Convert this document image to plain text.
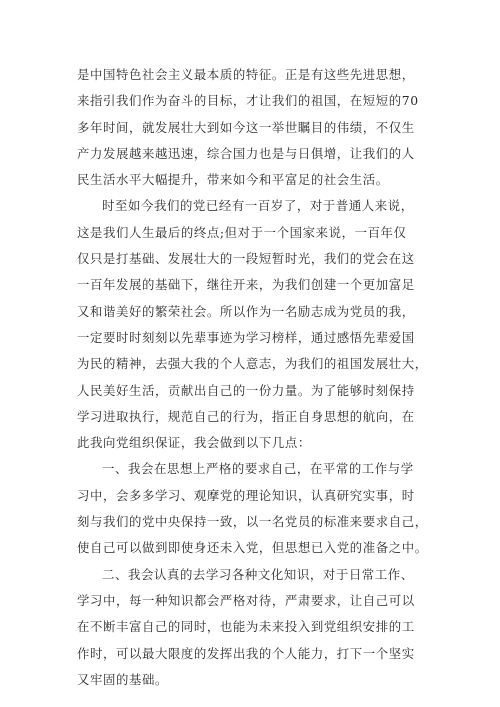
是中国特色社会主义最本质的特征。正是有这些先进思想，
来指引我们作为奋斗的目标，才让我们的祖国，在短短的70
多年时间，就发展壮大到如今这一举世瞩目的伟绩，不仅生
产力发展越来越迅速，综合国力也是与日俱增，让我们的人
民生活水平大幅提升，带来如今和平富足的社会生活。
时至如今我们的党已经有一百岁了，对于普通人来说，
这是我们人生最后的终点;但对于一个国家来说，一百年仅
仅只是打基础、发展壮大的一段短暂时光，我们的党会在这
一百年发展的基础下，继往开来，为我们创建一个更加富足
又和谐美好的繁荣社会。所以作为一名励志成为党员的我，
一定要时时刻刻以先辈事迹为学习榜样，通过感悟先辈爱国
为民的精神，去强大我的个人意志，为我们的祖国发展壮大，
人民美好生活，贡献出自己的一份力量。为了能够时刻保持
学习进取执行，规范自己的行为，指正自身思想的航向，在
此我向党组织保证，我会做到以下几点：
一、我会在思想上严格的要求自己，在平常的工作与学
习中，会多多学习、观摩党的理论知识，认真研究实事，时
刻与我们的党中央保持一致，以一名党员的标准来要求自己，
使自己可以做到即使身还未入党，但思想已入党的准备之中。
二、我会认真的去学习各种文化知识，对于日常工作、
学习中，每一种知识都会严格对待，严肃要求，让自己可以
在不断丰富自己的同时，也能为未来投入到党组织安排的工
作时，可以最大限度的发挥出我的个人能力，打下一个坚实
又牢固的基础。
